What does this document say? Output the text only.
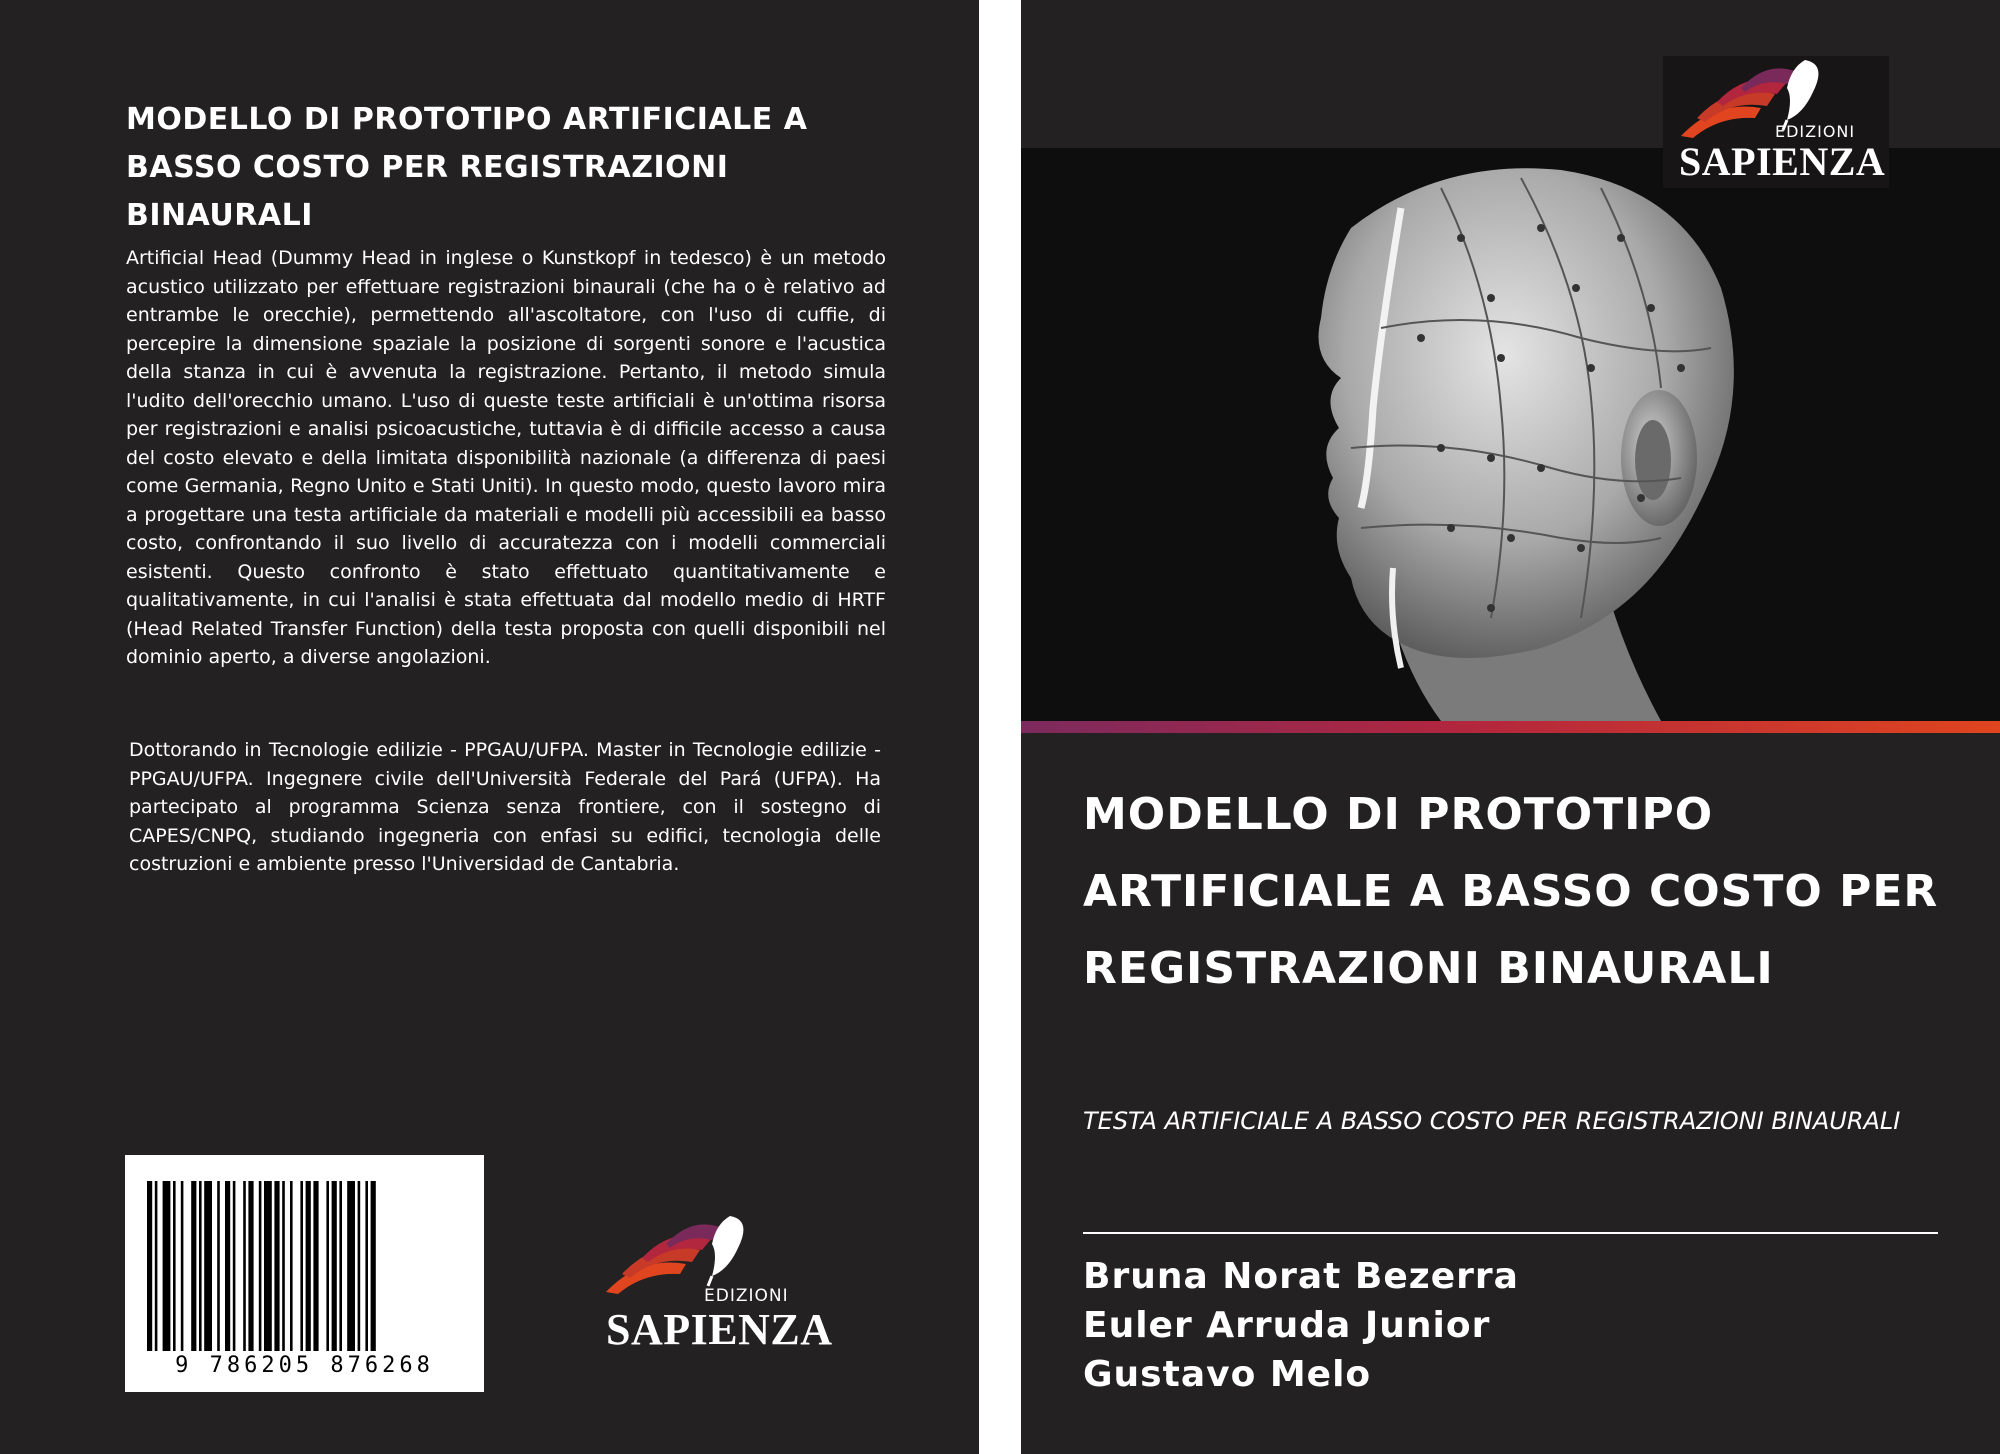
MODELLO DI PROTOTIPO ARTIFICIALE A BASSO COSTO PER REGISTRAZIONI BINAURALI

Artificial Head (Dummy Head in inglese o Kunstkopf in tedesco) è un metodo acustico utilizzato per effettuare registrazioni binaurali (che ha o è relativo ad entrambe le orecchie), permettendo all'ascoltatore, con l'uso di cuffie, di percepire la dimensione spaziale la posizione di sorgenti sonore e l'acustica della stanza in cui è avvenuta la registrazione. Pertanto, il metodo simula l'udito dell'orecchio umano. L'uso di queste teste artificiali è un'ottima risorsa per registrazioni e analisi psicoacustiche, tuttavia è di difficile accesso a causa del costo elevato e della limitata disponibilità nazionale (a differenza di paesi come Germania, Regno Unito e Stati Uniti). In questo modo, questo lavoro mira a progettare una testa artificiale da materiali e modelli più accessibili ea basso costo, confrontando il suo livello di accuratezza con i modelli commerciali esistenti. Questo confronto è stato effettuato quantitativamente e qualitativamente, in cui l'analisi è stata effettuata dal modello medio di HRTF (Head Related Transfer Function) della testa proposta con quelli disponibili nel dominio aperto, a diverse angolazioni.

Dottorando in Tecnologie edilizie - PPGAU/UFPA. Master in Tecnologie edilizie - PPGAU/UFPA. Ingegnere civile dell'Università Federale del Pará (UFPA). Ha partecipato al programma Scienza senza frontiere, con il sostegno di CAPES/CNPQ, studiando ingegneria con enfasi su edifici, tecnologia delle costruzioni e ambiente presso l'Universidad de Cantabria.

9 786205 876268
EDIZIONI
SAPIENZA
EDIZIONI
SAPIENZA
MODELLO DI PROTOTIPO ARTIFICIALE A BASSO COSTO PER REGISTRAZIONI BINAURALI

TESTA ARTIFICIALE A BASSO COSTO PER REGISTRAZIONI BINAURALI

Bruna Norat Bezerra
Euler Arruda Junior
Gustavo Melo
